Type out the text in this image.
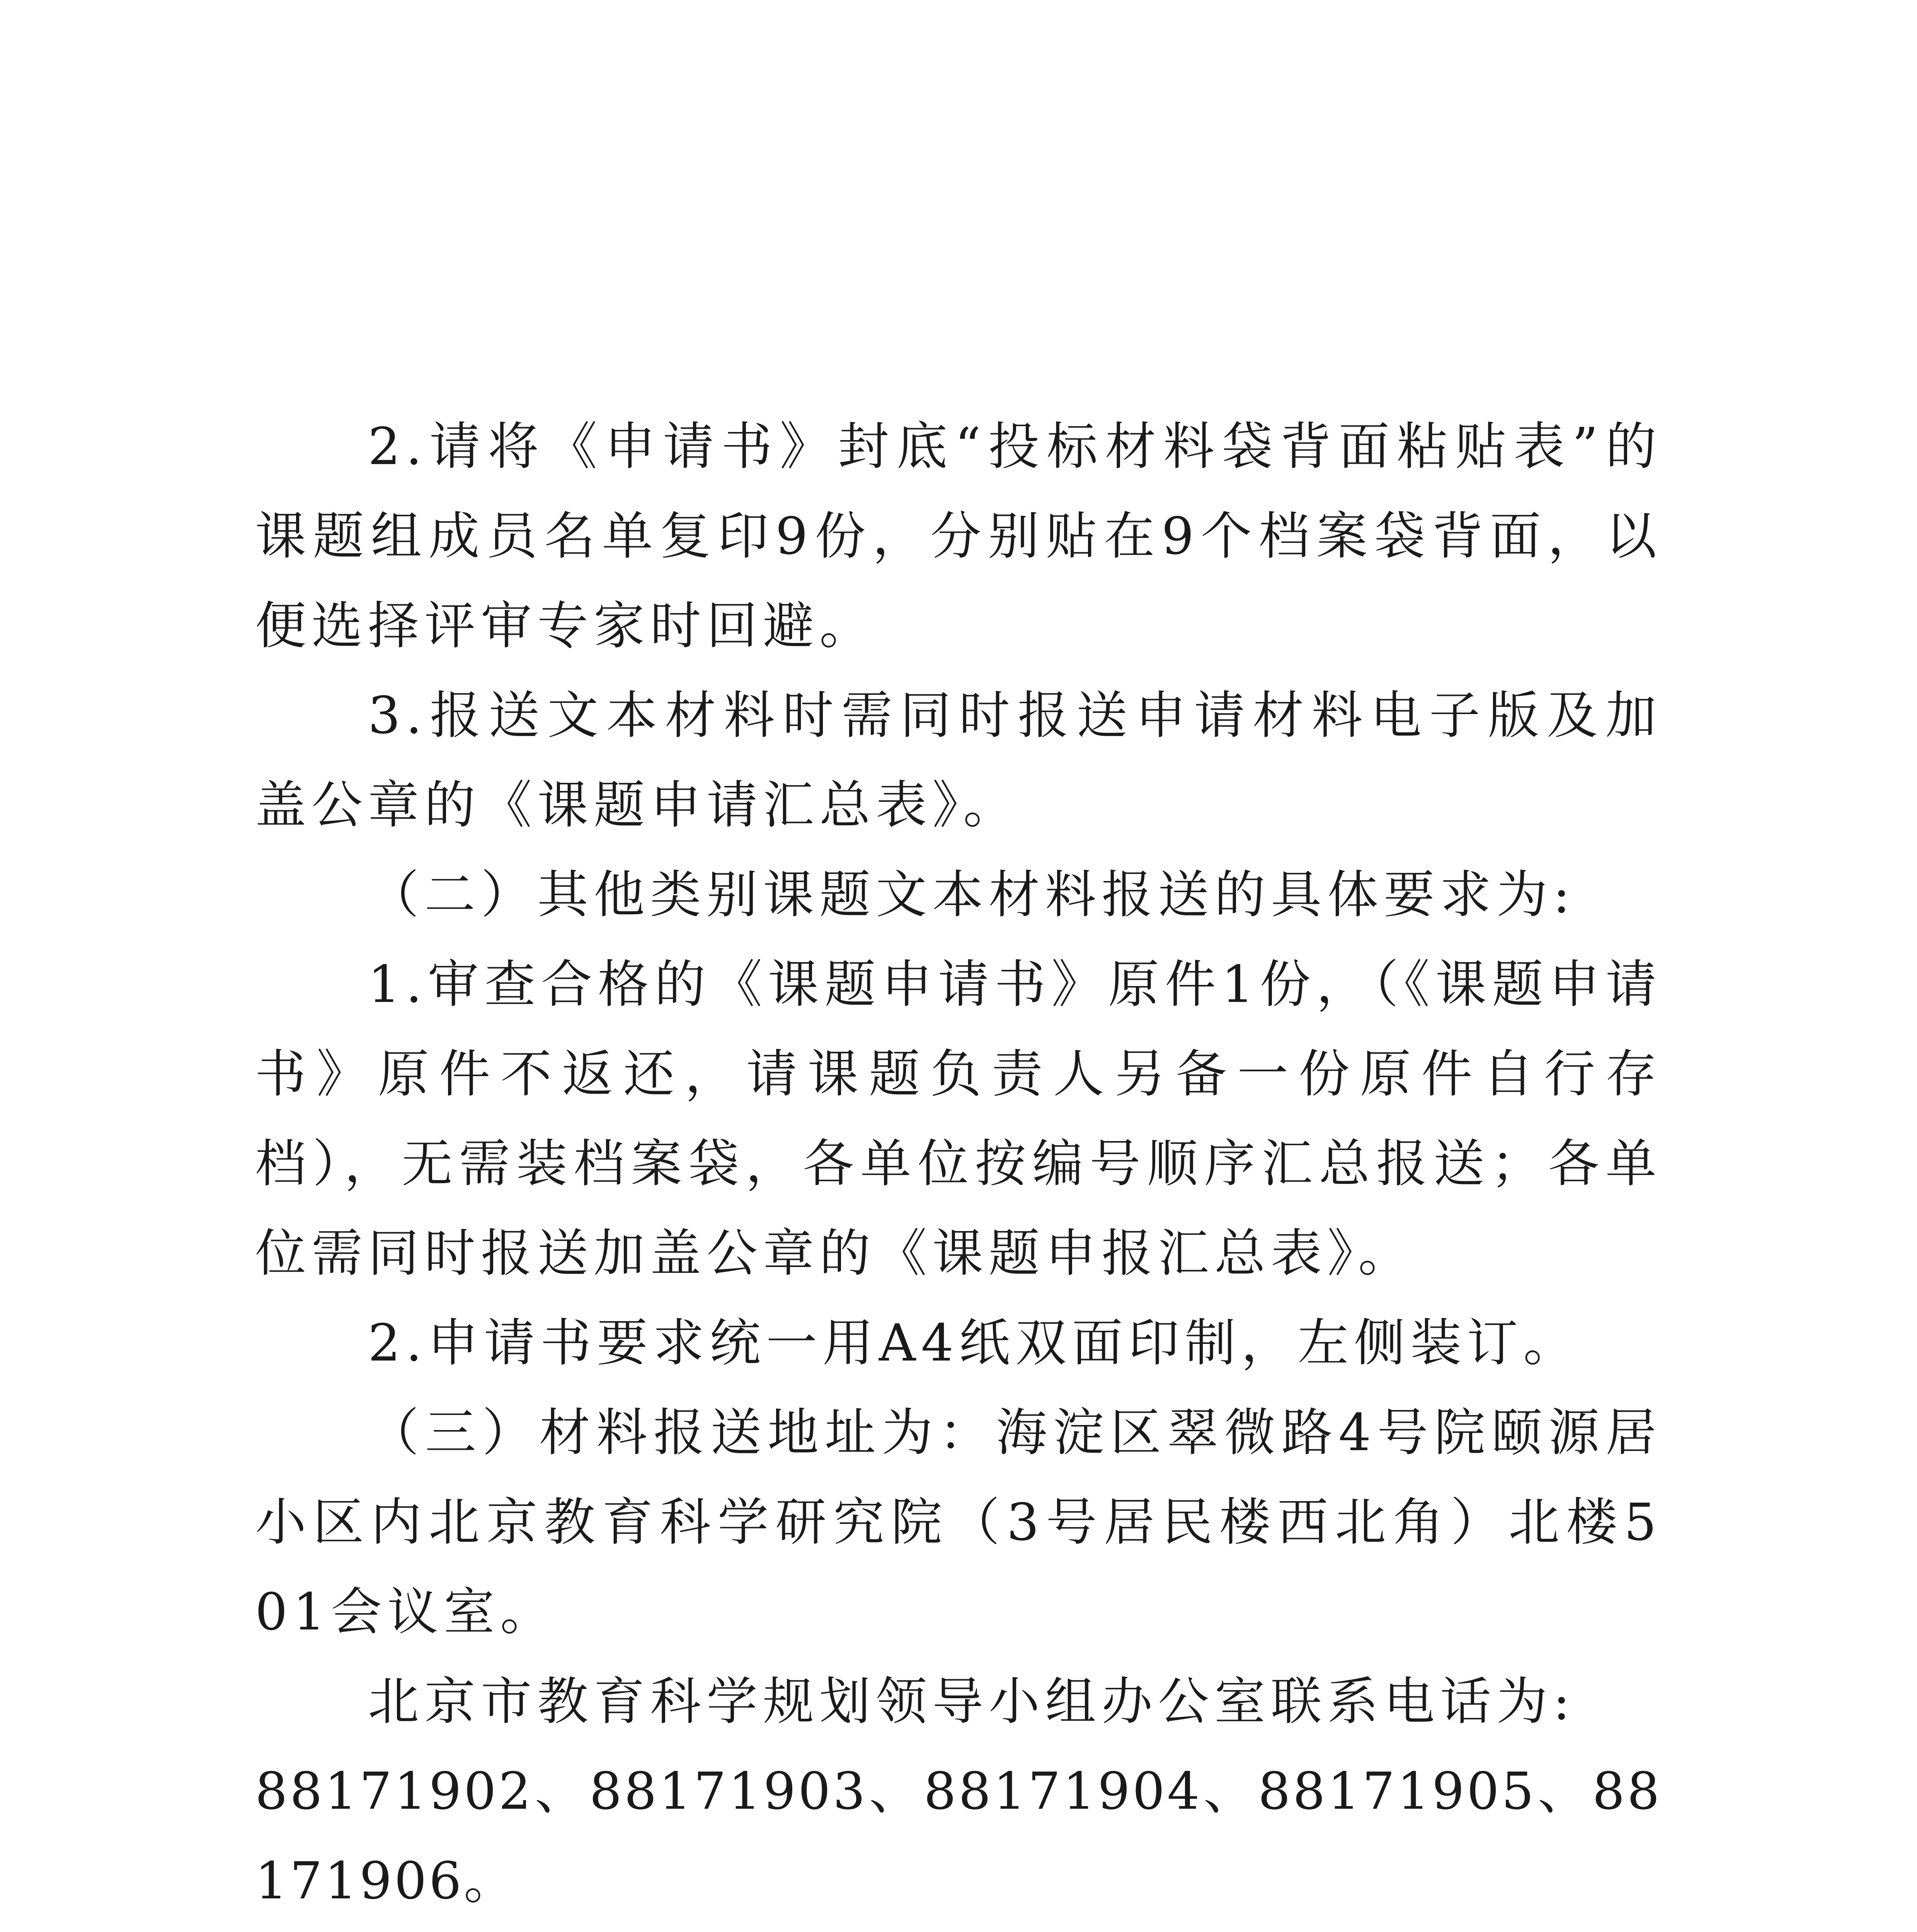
2.请将《申请书》封底“投标材料袋背面粘贴表”的课题组成员名单复印9份，分别贴在9个档案袋背面，以便选择评审专家时回避。

3.报送文本材料时需同时报送申请材料电子版及加盖公章的《课题申请汇总表》。

（二）其他类别课题文本材料报送的具体要求为:

1.审查合格的《课题申请书》原件1份，（《课题申请书》原件不返还，请课题负责人另备一份原件自行存档），无需装档案袋，各单位按编号顺序汇总报送；各单位需同时报送加盖公章的《课题申报汇总表》。

2.申请书要求统一用A4纸双面印制，左侧装订。

（三）材料报送地址为：海淀区翠微路4号院颐源居小区内北京教育科学研究院（3号居民楼西北角）北楼501会议室。

北京市教育科学规划领导小组办公室联系电话为:

88171902、88171903、88171904、88171905、88171906。
